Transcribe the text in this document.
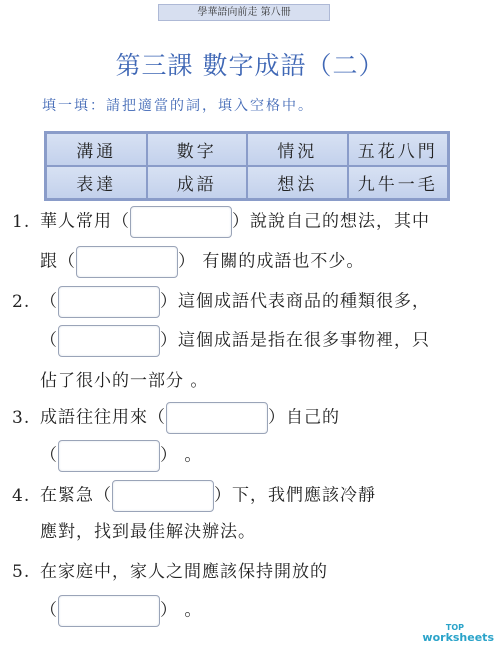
學華語向前走 第八冊
第三課 數字成語（二）
填一填：請把適當的詞，填入空格中。
溝通	數字	情況	五花八門
表達	成語	想法	九牛一毛
1. 華人常用（	）說說自己的想法，其中
跟（	） 有關的成語也不少。
2. （	）這個成語代表商品的種類很多，
（	）這個成語是指在很多事物裡，只
佔了很小的一部分 。
3. 成語往往用來（	）自己的
（	） 。
4. 在緊急（	）下，我們應該冷靜
應對，找到最佳解決辦法。
5. 在家庭中，家人之間應該保持開放的
（	） 。
TOP
worksheets
